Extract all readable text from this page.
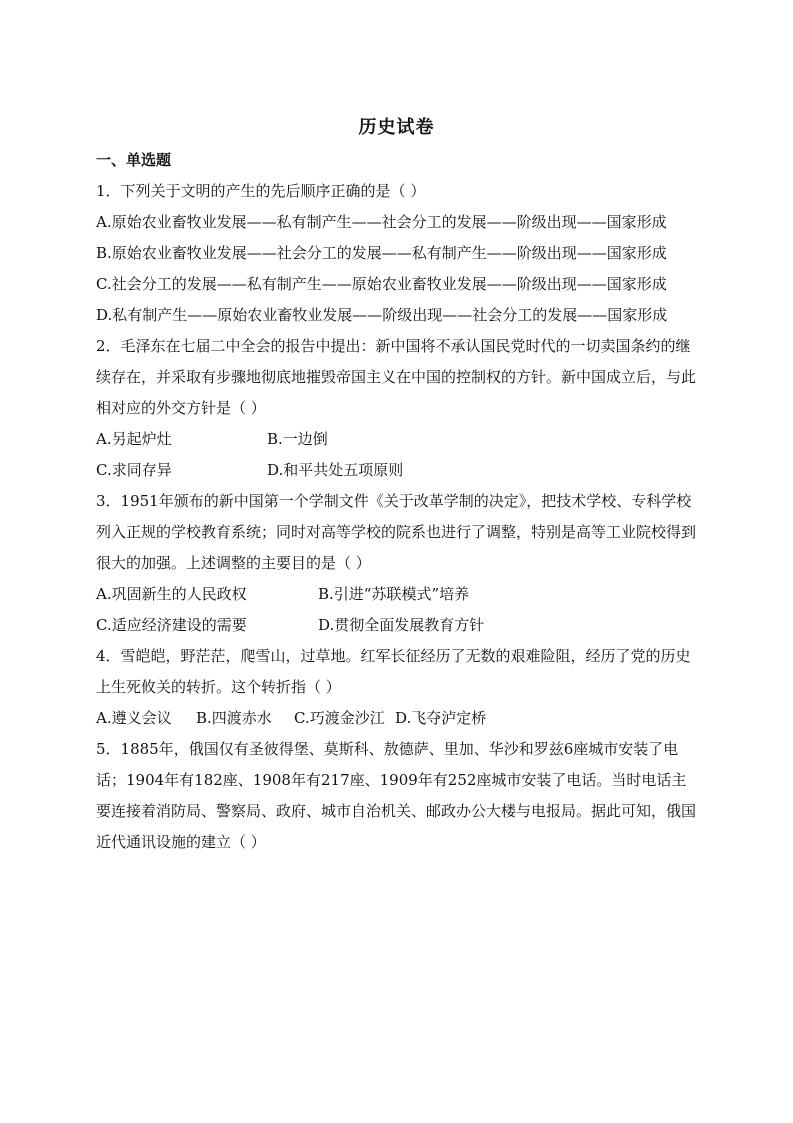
历史试卷
一、单选题
1．下列关于文明的产生的先后顺序正确的是（ ）
A.原始农业畜牧业发展——私有制产生——社会分工的发展——阶级出现——国家形成
B.原始农业畜牧业发展——社会分工的发展——私有制产生——阶级出现——国家形成
C.社会分工的发展——私有制产生——原始农业畜牧业发展——阶级出现——国家形成
D.私有制产生——原始农业畜牧业发展——阶级出现——社会分工的发展——国家形成
2．毛泽东在七届二中全会的报告中提出：新中国将不承认国民党时代的一切卖国条约的继续存在，并采取有步骤地彻底地摧毁帝国主义在中国的控制权的方针。新中国成立后，与此相对应的外交方针是（ ）
A.另起炉灶	B.一边倒
C.求同存异	D.和平共处五项原则
3．1951年颁布的新中国第一个学制文件《关于改革学制的决定》，把技术学校、专科学校列入正规的学校教育系统；同时对高等学校的院系也进行了调整，特别是高等工业院校得到很大的加强。上述调整的主要目的是（ ）
A.巩固新生的人民政权	B.引进“苏联模式”培养
C.适应经济建设的需要	D.贯彻全面发展教育方针
4．雪皑皑，野茫茫，爬雪山，过草地。红军长征经历了无数的艰难险阻，经历了党的历史上生死攸关的转折。这个转折指（ ）
A.遵义会议 B.四渡赤水 C.巧渡金沙江 D.飞夺泸定桥
5．1885年，俄国仅有圣彼得堡、莫斯科、敖德萨、里加、华沙和罗兹6座城市安装了电话；1904年有182座、1908年有217座、1909年有252座城市安装了电话。当时电话主要连接着消防局、警察局、政府、城市自治机关、邮政办公大楼与电报局。据此可知，俄国近代通讯设施的建立（ ）
